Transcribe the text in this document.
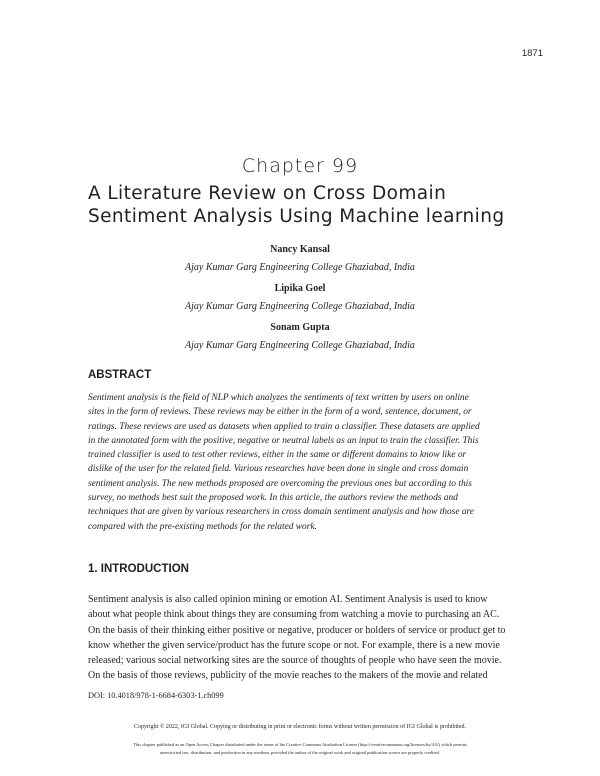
1871
Chapter 99
A Literature Review on Cross Domain
Sentiment Analysis Using Machine learning
Nancy Kansal
Ajay Kumar Garg Engineering College Ghaziabad, India
Lipika Goel
Ajay Kumar Garg Engineering College Ghaziabad, India
Sonam Gupta
Ajay Kumar Garg Engineering College Ghaziabad, India
ABSTRACT
Sentiment analysis is the field of NLP which analyzes the sentiments of text written by users on online
sites in the form of reviews. These reviews may be either in the form of a word, sentence, document, or
ratings. These reviews are used as datasets when applied to train a classifier. These datasets are applied
in the annotated form with the positive, negative or neutral labels as an input to train the classifier. This
trained classifier is used to test other reviews, either in the same or different domains to know like or
dislike of the user for the related field. Various researches have been done in single and cross domain
sentiment analysis. The new methods proposed are overcoming the previous ones but according to this
survey, no methods best suit the proposed work. In this article, the authors review the methods and
techniques that are given by various researchers in cross domain sentiment analysis and how those are
compared with the pre-existing methods for the related work.
1. INTRODUCTION
Sentiment analysis is also called opinion mining or emotion AI. Sentiment Analysis is used to know
about what people think about things they are consuming from watching a movie to purchasing an AC.
On the basis of their thinking either positive or negative, producer or holders of service or product get to
know whether the given service/product has the future scope or not. For example, there is a new movie
released; various social networking sites are the source of thoughts of people who have seen the movie.
On the basis of those reviews, publicity of the movie reaches to the makers of the movie and related
DOI: 10.4018/978-1-6684-6303-1.ch099
Copyright © 2022, IGI Global. Copying or distributing in print or electronic forms without written permission of IGI Global is prohibited.
This chapter published as an Open Access Chapter distributed under the terms of the Creative Commons Attribution License (http://creativecommons.org/licenses/by/4.0/) which permits
unrestricted use, distribution, and production in any medium, provided the author of the original work and original publication source are properly credited.
